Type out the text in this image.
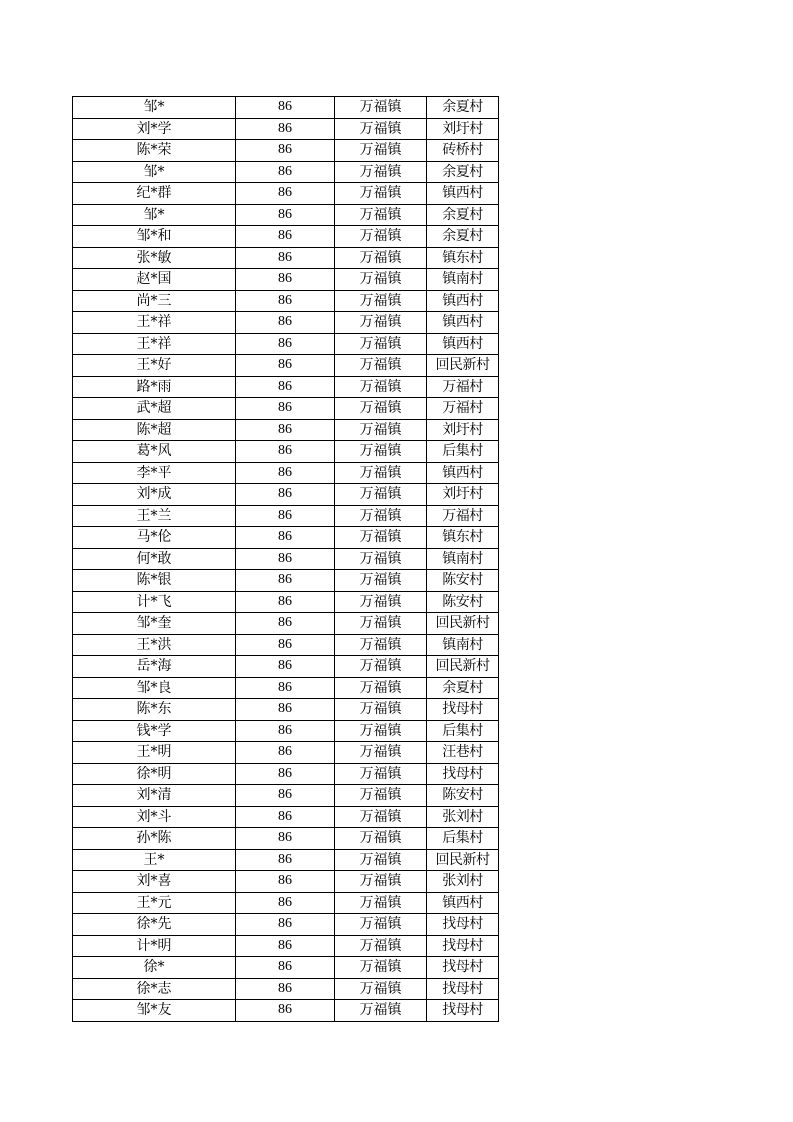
邹*	86	万福镇	余夏村
刘*学	86	万福镇	刘圩村
陈*荣	86	万福镇	砖桥村
邹*	86	万福镇	余夏村
纪*群	86	万福镇	镇西村
邹*	86	万福镇	余夏村
邹*和	86	万福镇	余夏村
张*敏	86	万福镇	镇东村
赵*国	86	万福镇	镇南村
尚*三	86	万福镇	镇西村
王*祥	86	万福镇	镇西村
王*祥	86	万福镇	镇西村
王*好	86	万福镇	回民新村
路*雨	86	万福镇	万福村
武*超	86	万福镇	万福村
陈*超	86	万福镇	刘圩村
葛*风	86	万福镇	后集村
李*平	86	万福镇	镇西村
刘*成	86	万福镇	刘圩村
王*兰	86	万福镇	万福村
马*伦	86	万福镇	镇东村
何*敢	86	万福镇	镇南村
陈*银	86	万福镇	陈安村
计*飞	86	万福镇	陈安村
邹*奎	86	万福镇	回民新村
王*洪	86	万福镇	镇南村
岳*海	86	万福镇	回民新村
邹*良	86	万福镇	余夏村
陈*东	86	万福镇	找母村
钱*学	86	万福镇	后集村
王*明	86	万福镇	汪巷村
徐*明	86	万福镇	找母村
刘*清	86	万福镇	陈安村
刘*斗	86	万福镇	张刘村
孙*陈	86	万福镇	后集村
王*	86	万福镇	回民新村
刘*喜	86	万福镇	张刘村
王*元	86	万福镇	镇西村
徐*先	86	万福镇	找母村
计*明	86	万福镇	找母村
徐*	86	万福镇	找母村
徐*志	86	万福镇	找母村
邹*友	86	万福镇	找母村
